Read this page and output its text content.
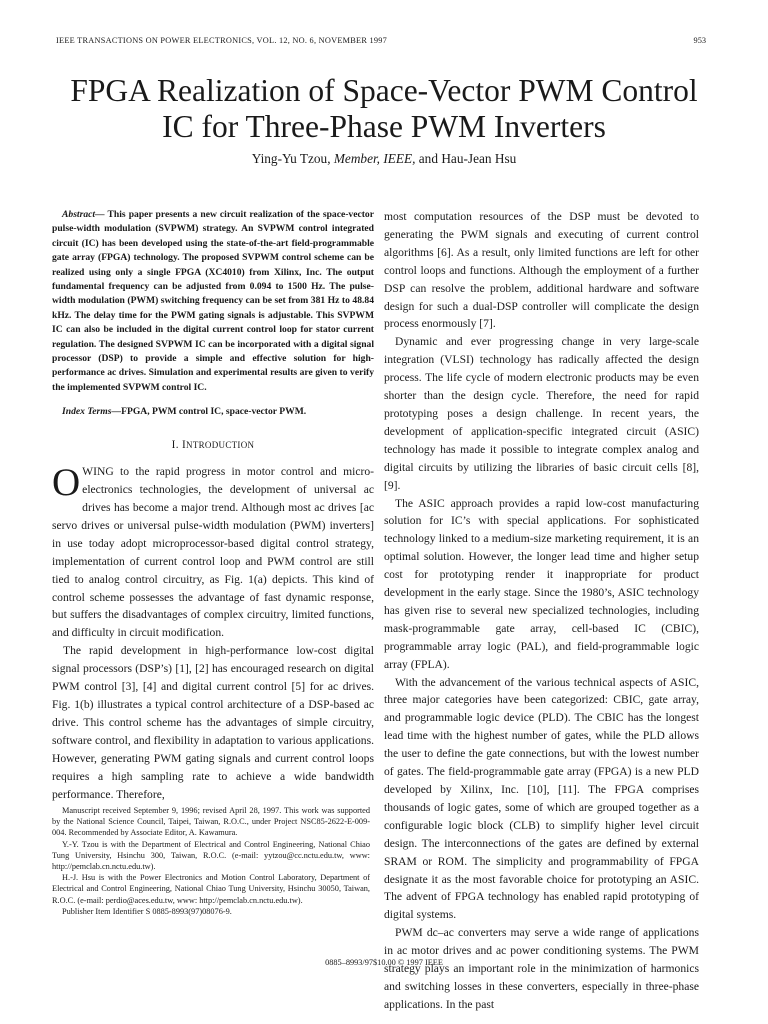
IEEE TRANSACTIONS ON POWER ELECTRONICS, VOL. 12, NO. 6, NOVEMBER 1997	953
FPGA Realization of Space-Vector PWM Control
IC for Three-Phase PWM Inverters
Ying-Yu Tzou, Member, IEEE, and Hau-Jean Hsu

Abstract— This paper presents a new circuit realization of the space-vector pulse-width modulation (SVPWM) strategy. An SVPWM control integrated circuit (IC) has been developed using the state-of-the-art field-programmable gate array (FPGA) technology. The proposed SVPWM control scheme can be realized using only a single FPGA (XC4010) from Xilinx, Inc. The output fundamental frequency can be adjusted from 0.094 to 1500 Hz. The pulse-width modulation (PWM) switching frequency can be set from 381 Hz to 48.84 kHz. The delay time for the PWM gating signals is adjustable. This SVPWM IC can also be included in the digital current control loop for stator current regulation. The designed SVPWM IC can be incorporated with a digital signal processor (DSP) to provide a simple and effective solution for high-performance ac drives. Simulation and experimental results are given to verify the implemented SVPWM control IC.

Index Terms—FPGA, PWM control IC, space-vector PWM.

I. INTRODUCTION

OWING to the rapid progress in motor control and micro-electronics technologies, the development of universal ac drives has become a major trend. Although most ac drives [ac servo drives or universal pulse-width modulation (PWM) inverters] in use today adopt microprocessor-based digital control strategy, implementation of current control loop and PWM control are still tied to analog control circuitry, as Fig. 1(a) depicts. This kind of control scheme possesses the advantage of fast dynamic response, but suffers the disadvantages of complex circuitry, limited functions, and difficulty in circuit modification.

The rapid development in high-performance low-cost digital signal processors (DSP’s) [1], [2] has encouraged research on digital PWM control [3], [4] and digital current control [5] for ac drives. Fig. 1(b) illustrates a typical control architecture of a DSP-based ac drive. This control scheme has the advantages of simple circuitry, software control, and flexibility in adaptation to various applications. However, generating PWM gating signals and current control loops requires a high sampling rate to achieve a wide bandwidth performance. Therefore,

Manuscript received September 9, 1996; revised April 28, 1997. This work was supported by the National Science Council, Taipei, Taiwan, R.O.C., under Project NSC85-2622-E-009-004. Recommended by Associate Editor, A. Kawamura.

Y.-Y. Tzou is with the Department of Electrical and Control Engineering, National Chiao Tung University, Hsinchu 300, Taiwan, R.O.C. (e-mail: yytzou@cc.nctu.edu.tw, www: http://pemclab.cn.nctu.edu.tw).

H.-J. Hsu is with the Power Electronics and Motion Control Laboratory, Department of Electrical and Control Engineering, National Chiao Tung University, Hsinchu 30050, Taiwan, R.O.C. (e-mail: perdio@aces.edu.tw, www: http://pemclab.cn.nctu.edu.tw).

Publisher Item Identifier S 0885-8993(97)08076-9.

most computation resources of the DSP must be devoted to generating the PWM signals and executing of current control algorithms [6]. As a result, only limited functions are left for other control loops and functions. Although the employment of a further DSP can resolve the problem, additional hardware and software design for such a dual-DSP controller will complicate the design process enormously [7].

Dynamic and ever progressing change in very large-scale integration (VLSI) technology has radically affected the design process. The life cycle of modern electronic products may be even shorter than the design cycle. Therefore, the need for rapid prototyping poses a design challenge. In recent years, the development of application-specific integrated circuit (ASIC) technology has made it possible to integrate complex analog and digital circuits by utilizing the libraries of basic circuit cells [8], [9].

The ASIC approach provides a rapid low-cost manufacturing solution for IC’s with special applications. For sophisticated technology linked to a medium-size marketing requirement, it is an optimal solution. However, the longer lead time and higher setup cost for prototyping render it inappropriate for product development in the early stage. Since the 1980’s, ASIC technology has given rise to several new specialized technologies, including mask-programmable gate array, cell-based IC (CBIC), programmable array logic (PAL), and field-programmable logic array (FPLA).

With the advancement of the various technical aspects of ASIC, three major categories have been categorized: CBIC, gate array, and programmable logic device (PLD). The CBIC has the longest lead time with the highest number of gates, while the PLD allows the user to define the gate connections, but with the lowest number of gates. The field-programmable gate array (FPGA) is a new PLD developed by Xilinx, Inc. [10], [11]. The FPGA comprises thousands of logic gates, some of which are grouped together as a configurable logic block (CLB) to simplify higher level circuit design. The interconnections of the gates are defined by external SRAM or ROM. The simplicity and programmability of FPGA designate it as the most favorable choice for prototyping an ASIC. The advent of FPGA technology has enabled rapid prototyping of digital systems.

PWM dc–ac converters may serve a wide range of applications in ac motor drives and ac power conditioning systems. The PWM strategy plays an important role in the minimization of harmonics and switching losses in these converters, especially in three-phase applications. In the past

0885–8993/97$10.00 © 1997 IEEE
